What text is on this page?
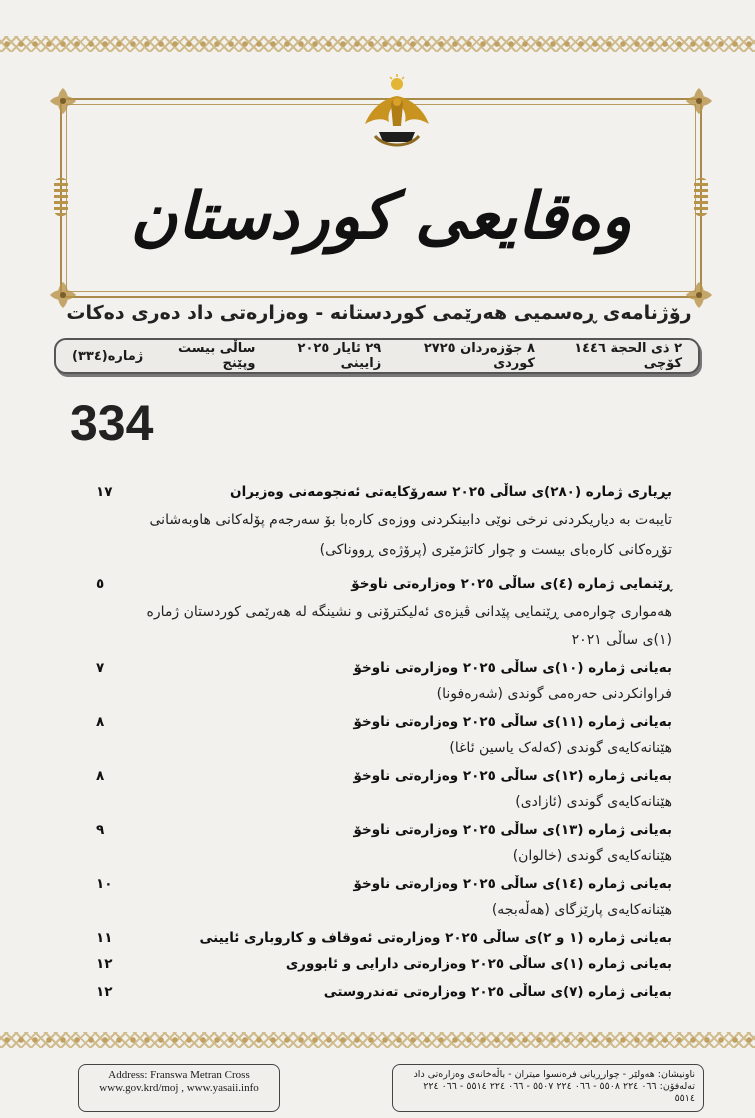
وەقایعی کوردستان
رۆژنامەی ڕەسمیی هەرێمی کوردستانە - وەزارەتی داد دەری دەکات
ژمارە(٣٣٤)	ساڵی بیست وپێنج
٢٩ ئایار ٢٠٢٥ زایینی
٨ جۆزەردان ٢٧٢٥ کوردی
٢ ذی الحجة ١٤٤٦ کۆچی
334
بڕیاری ژمارە (٢٨٠)ی ساڵی ٢٠٢٥ سەرۆکایەتی ئەنجومەنی وەزیران
١٧
تایبەت بە دیاریکردنی نرخی نوێی دابینکردنی ووزەی کارەبا بۆ سەرجەم پۆلەکانی هاوبەشانی
تۆڕەکانی کارەبای بیست و چوار کاتژمێری (پرۆژەی ڕووناکی)
ڕێنمایی ژمارە (٤)ی ساڵی ٢٠٢٥ وەزارەتی ناوخۆ
٥
هەمواری چوارەمی ڕێنمایی پێدانی ڤیزەی ئەلیکترۆنی و نشینگە لە هەرێمی کوردستان ژمارە
(١)ی ساڵی ٢٠٢١
بەیانی ژمارە (١٠)ی ساڵی ٢٠٢٥ وەزارەتی ناوخۆ
٧
فراوانکردنی حەرەمی گوندی (شەرەفونا)
بەیانی ژمارە (١١)ی ساڵی ٢٠٢٥ وەزارەتی ناوخۆ
٨
هێنانەکایەی گوندی (کەلەک یاسین ئاغا)
بەیانی ژمارە (١٢)ی ساڵی ٢٠٢٥ وەزارەتی ناوخۆ
٨
هێنانەکایەی گوندی (ئازادی)
بەیانی ژمارە (١٣)ی ساڵی ٢٠٢٥ وەزارەتی ناوخۆ
٩
هێنانەکایەی گوندی (خالوان)
بەیانی ژمارە (١٤)ی ساڵی ٢٠٢٥ وەزارەتی ناوخۆ
١٠
هێنانەکایەی پارێزگای (هەڵەبجە)
بەیانی ژمارە (١ و ٢)ی ساڵی ٢٠٢٥ وەزارەتی ئەوقاف و کاروباری ئایینی
١١
بەیانی ژمارە (١)ی ساڵی ٢٠٢٥ وەزارەتی دارایی و ئابووری
١٢
بەیانی ژمارە (٧)ی ساڵی ٢٠٢٥ وەزارەتی تەندروستی
١٢
Address: Franswa Metran Cross
www.gov.krd/moj , www.yasaii.info
ناونیشان: هەولێر - چوارڕیانی فرەنسوا میتران - باڵەخانەی وەزارەتی داد
تەلەفۆن: ٠٦٦ ٢٢٤ ٥٥٠٨ - ٠٦٦ ٢٢٤ ٥٥٠٧ - ٠٦٦ ٢٢٤ ٥٥١٤ - ٠٦٦ ٢٢٤ ٥٥١٤
